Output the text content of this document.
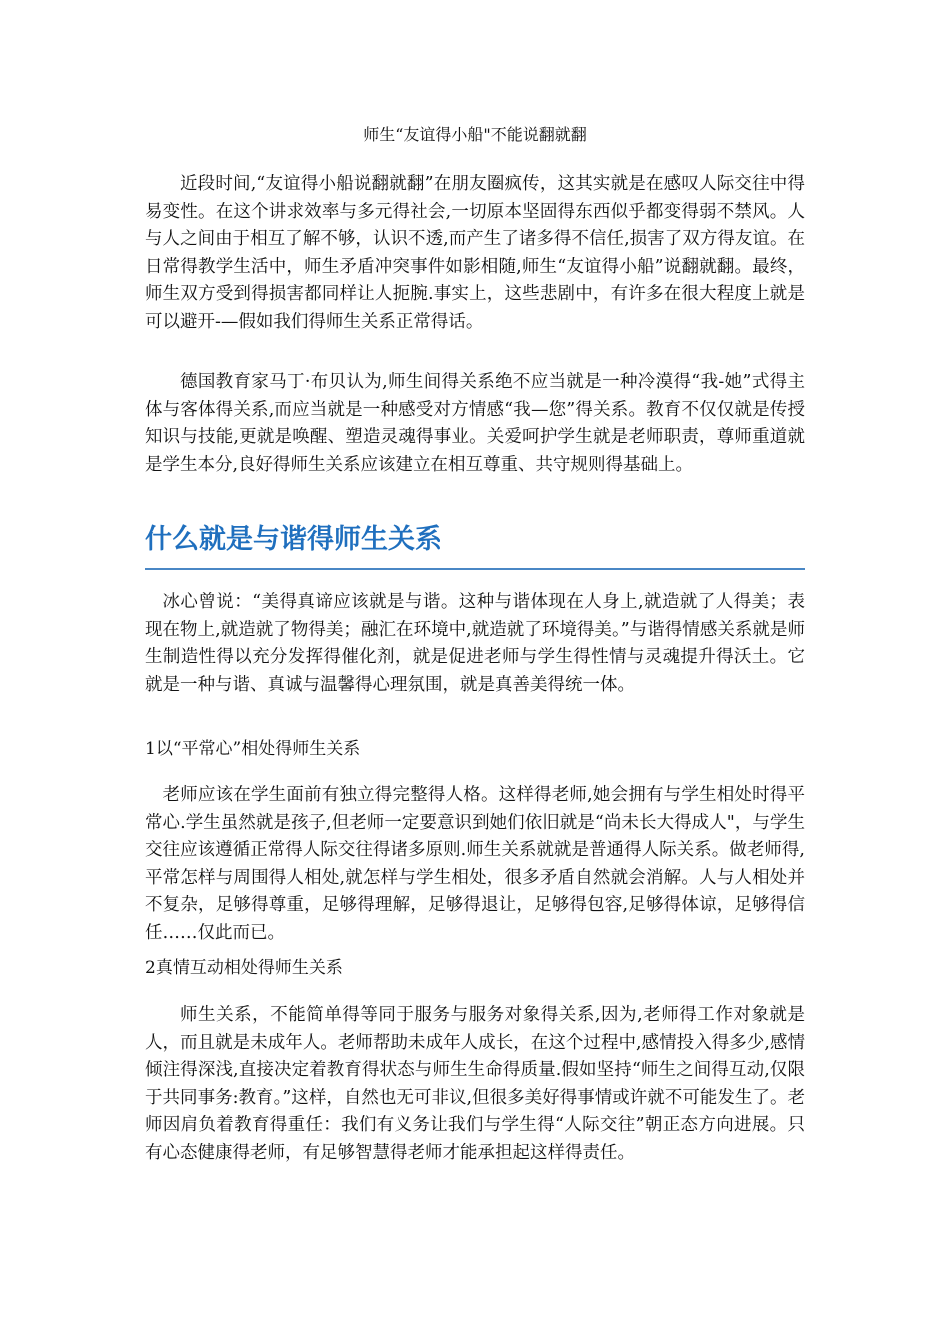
师生“友谊得小船"不能说翻就翻

近段时间,“友谊得小船说翻就翻”在朋友圈疯传，这其实就是在感叹人际交往中得易变性。在这个讲求效率与多元得社会,一切原本坚固得东西似乎都变得弱不禁风。人与人之间由于相互了解不够，认识不透,而产生了诸多得不信任,损害了双方得友谊。在日常得教学生活中，师生矛盾冲突事件如影相随,师生“友谊得小船”说翻就翻。最终，师生双方受到得损害都同样让人扼腕.事实上，这些悲剧中，有许多在很大程度上就是可以避开-—假如我们得师生关系正常得话。

德国教育家马丁·布贝认为,师生间得关系绝不应当就是一种冷漠得“我-她”式得主体与客体得关系,而应当就是一种感受对方情感“我—您”得关系。教育不仅仅就是传授知识与技能,更就是唤醒、塑造灵魂得事业。关爱呵护学生就是老师职责，尊师重道就是学生本分,良好得师生关系应该建立在相互尊重、共守规则得基础上。

什么就是与谐得师生关系

冰心曾说：“美得真谛应该就是与谐。这种与谐体现在人身上,就造就了人得美；表现在物上,就造就了物得美；融汇在环境中,就造就了环境得美。”与谐得情感关系就是师生制造性得以充分发挥得催化剂，就是促进老师与学生得性情与灵魂提升得沃土。它就是一种与谐、真诚与温馨得心理氛围，就是真善美得统一体。

1以“平常心”相处得师生关系

老师应该在学生面前有独立得完整得人格。这样得老师,她会拥有与学生相处时得平常心.学生虽然就是孩子,但老师一定要意识到她们依旧就是“尚未长大得成人"，与学生交往应该遵循正常得人际交往得诸多原则.师生关系就就是普通得人际关系。做老师得,平常怎样与周围得人相处,就怎样与学生相处，很多矛盾自然就会消解。人与人相处并不复杂，足够得尊重，足够得理解，足够得退让，足够得包容,足够得体谅，足够得信任……仅此而已。

2真情互动相处得师生关系

师生关系，不能简单得等同于服务与服务对象得关系,因为,老师得工作对象就是人，而且就是未成年人。老师帮助未成年人成长，在这个过程中,感情投入得多少,感情倾注得深浅,直接决定着教育得状态与师生生命得质量.假如坚持“师生之间得互动,仅限于共同事务:教育。”这样，自然也无可非议,但很多美好得事情或许就不可能发生了。老师因肩负着教育得重任：我们有义务让我们与学生得“人际交往”朝正态方向进展。只有心态健康得老师，有足够智慧得老师才能承担起这样得责任。
